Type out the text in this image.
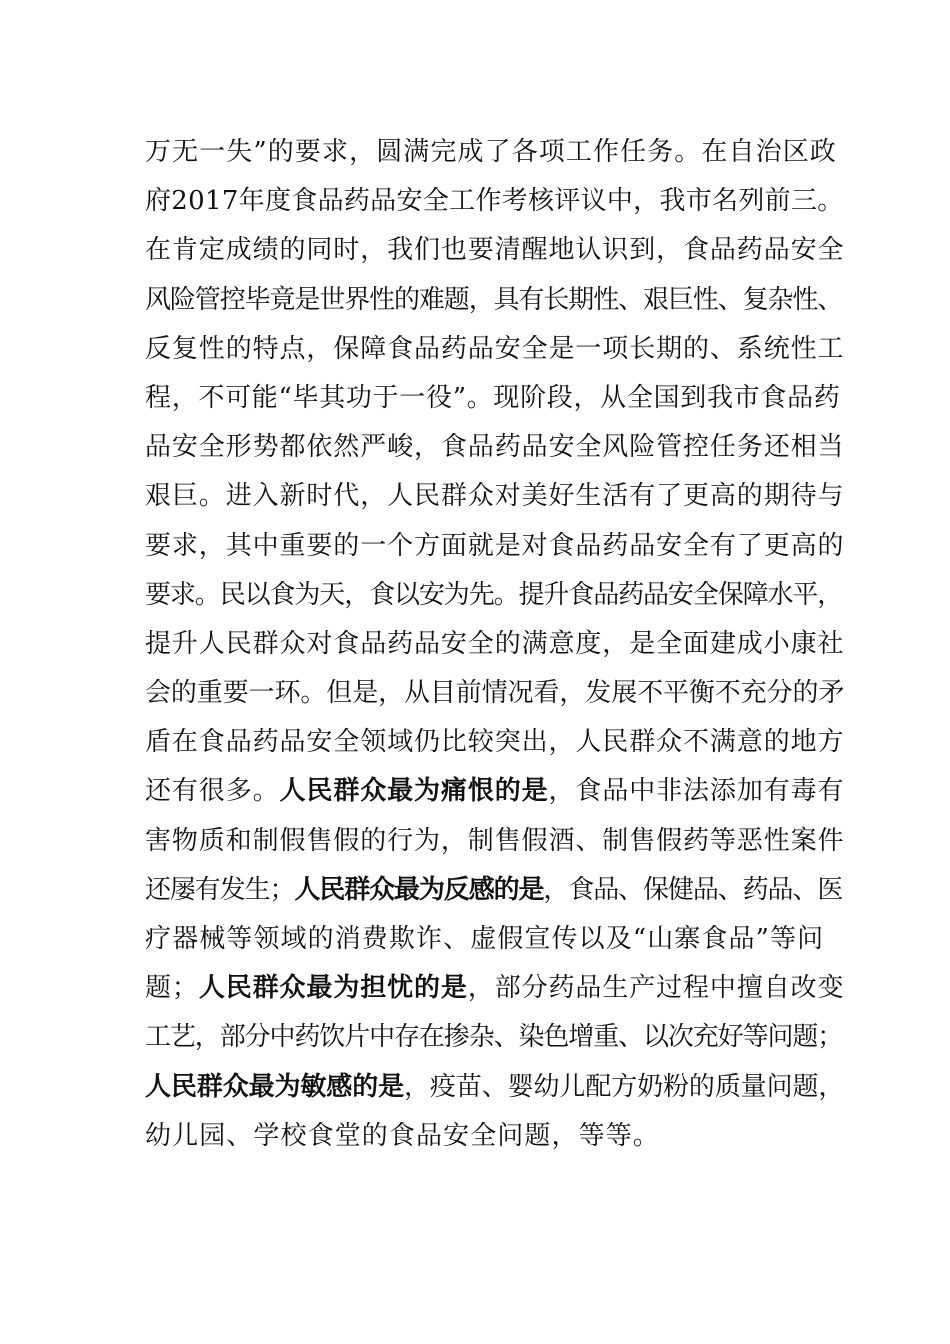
万无一失”的要求，圆满完成了各项工作任务。在自治区政
府2017年度食品药品安全工作考核评议中，我市名列前三。
在肯定成绩的同时，我们也要清醒地认识到，食品药品安全
风险管控毕竟是世界性的难题，具有长期性、艰巨性、复杂性、
反复性的特点，保障食品药品安全是一项长期的、系统性工
程，不可能“毕其功于一役”。现阶段，从全国到我市食品药
品安全形势都依然严峻，食品药品安全风险管控任务还相当
艰巨。进入新时代，人民群众对美好生活有了更高的期待与
要求，其中重要的一个方面就是对食品药品安全有了更高的
要求。民以食为天，食以安为先。提升食品药品安全保障水平，
提升人民群众对食品药品安全的满意度，是全面建成小康社
会的重要一环。但是，从目前情况看，发展不平衡不充分的矛
盾在食品药品安全领域仍比较突出，人民群众不满意的地方
还有很多。人民群众最为痛恨的是，食品中非法添加有毒有
害物质和制假售假的行为，制售假酒、制售假药等恶性案件
还屡有发生；人民群众最为反感的是，食品、保健品、药品、医
疗器械等领域的消费欺诈、虚假宣传以及“山寨食品”等问
题；人民群众最为担忧的是，部分药品生产过程中擅自改变
工艺，部分中药饮片中存在掺杂、染色增重、以次充好等问题；
人民群众最为敏感的是，疫苗、婴幼儿配方奶粉的质量问题，
幼儿园、学校食堂的食品安全问题，等等。
